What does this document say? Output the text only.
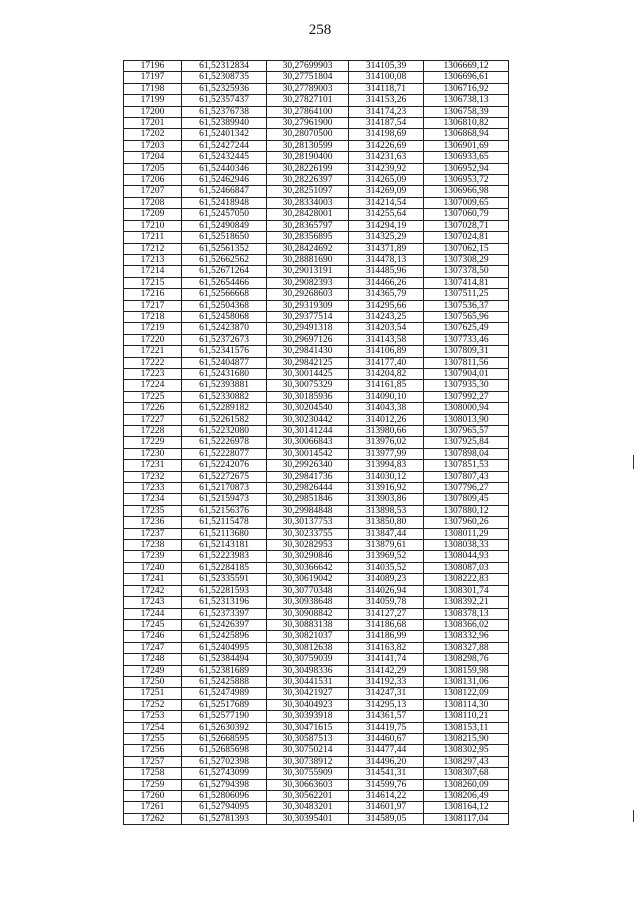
258
17196	61,52312834	30,27699903	314105,39	1306669,12
17197	61,52308735	30,27751804	314100,08	1306696,61
17198	61,52325936	30,27789003	314118,71	1306716,92
17199	61,52357437	30,27827101	314153,26	1306738,13
17200	61,52376738	30,27864100	314174,23	1306758,39
17201	61,52389940	30,27961900	314187,54	1306810,82
17202	61,52401342	30,28070500	314198,69	1306868,94
17203	61,52427244	30,28130599	314226,69	1306901,69
17204	61,52432445	30,28190400	314231,63	1306933,65
17205	61,52440346	30,28226199	314239,92	1306952,94
17206	61,52462946	30,28226397	314265,09	1306953,72
17207	61,52466847	30,28251097	314269,09	1306966,98
17208	61,52418948	30,28334003	314214,54	1307009,65
17209	61,52457050	30,28428001	314255,64	1307060,79
17210	61,52490849	30,28365797	314294,19	1307028,71
17211	61,52518650	30,28356895	314325,29	1307024,81
17212	61,52561352	30,28424692	314371,89	1307062,15
17213	61,52662562	30,28881690	314478,13	1307308,29
17214	61,52671264	30,29013191	314485,96	1307378,50
17215	61,52654466	30,29082393	314466,26	1307414,81
17216	61,52566668	30,29268603	314365,79	1307511,25
17217	61,52504368	30,29319309	314295,66	1307536,37
17218	61,52458068	30,29377514	314243,25	1307565,96
17219	61,52423870	30,29491318	314203,54	1307625,49
17220	61,52372673	30,29697126	314143,58	1307733,46
17221	61,52341576	30,29841430	314106,89	1307809,31
17222	61,52404877	30,29842125	314177,40	1307811,56
17223	61,52431680	30,30014425	314204,82	1307904,01
17224	61,52393881	30,30075329	314161,85	1307935,30
17225	61,52330882	30,30185936	314090,10	1307992,27
17226	61,52289182	30,30204540	314043,38	1308000,94
17227	61,52261582	30,30230442	314012,26	1308013,90
17228	61,52232080	30,30141244	313980,66	1307965,57
17229	61,52226978	30,30066843	313976,02	1307925,84
17230	61,52228077	30,30014542	313977,99	1307898,04
17231	61,52242076	30,29926340	313994,83	1307851,53
17232	61,52272675	30,29841736	314030,12	1307807,43
17233	61,52170873	30,29826444	313916,92	1307796,27
17234	61,52159473	30,29851846	313903,86	1307809,45
17235	61,52156376	30,29984848	313898,53	1307880,12
17236	61,52115478	30,30137753	313850,80	1307960,26
17237	61,52113680	30,30233755	313847,44	1308011,29
17238	61,52143181	30,30282953	313879,61	1308038,33
17239	61,52223983	30,30290846	313969,52	1308044,93
17240	61,52284185	30,30366642	314035,52	1308087,03
17241	61,52335591	30,30619042	314089,23	1308222,83
17242	61,52281593	30,30770348	314026,94	1308301,74
17243	61,52313196	30,30938648	314059,78	1308392,21
17244	61,52373397	30,30908842	314127,27	1308378,13
17245	61,52426397	30,30883138	314186,68	1308366,02
17246	61,52425896	30,30821037	314186,99	1308332,96
17247	61,52404995	30,30812638	314163,82	1308327,88
17248	61,52384494	30,30759039	314141,74	1308298,76
17249	61,52381689	30,30498336	314142,29	1308159,98
17250	61,52425888	30,30441531	314192,33	1308131,06
17251	61,52474989	30,30421927	314247,31	1308122,09
17252	61,52517689	30,30404923	314295,13	1308114,30
17253	61,52577190	30,30393918	314361,57	1308110,21
17254	61,52630392	30,30471615	314419,75	1308153,11
17255	61,52668595	30,30587513	314460,67	1308215,90
17256	61,52685698	30,30750214	314477,44	1308302,95
17257	61,52702398	30,30738912	314496,20	1308297,43
17258	61,52743099	30,30755909	314541,31	1308307,68
17259	61,52794398	30,30663603	314599,76	1308260,09
17260	61,52806096	30,30562201	314614,22	1308206,49
17261	61,52794095	30,30483201	314601,97	1308164,12
17262	61,52781393	30,30395401	314589,05	1308117,04
